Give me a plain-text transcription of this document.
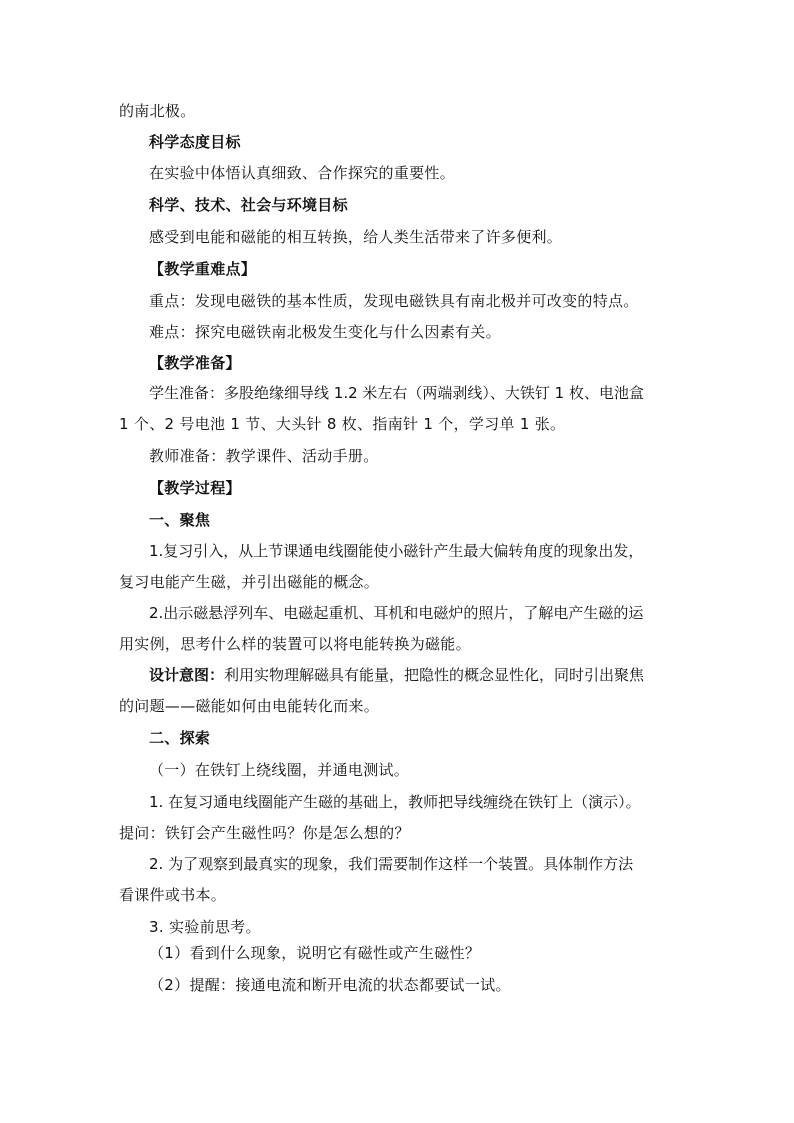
的南北极。
科学态度目标
在实验中体悟认真细致、合作探究的重要性。
科学、技术、社会与环境目标
感受到电能和磁能的相互转换，给人类生活带来了许多便利。
【教学重难点】
重点：发现电磁铁的基本性质，发现电磁铁具有南北极并可改变的特点。
难点：探究电磁铁南北极发生变化与什么因素有关。
【教学准备】
学生准备：多股绝缘细导线 1.2 米左右（两端剥线）、大铁钉 1 枚、电池盒
1 个、2 号电池 1 节、大头针 8 枚、指南针 1 个，学习单 1 张。
教师准备：教学课件、活动手册。
【教学过程】
一、聚焦
1.复习引入，从上节课通电线圈能使小磁针产生最大偏转角度的现象出发，
复习电能产生磁，并引出磁能的概念。
2.出示磁悬浮列车、电磁起重机、耳机和电磁炉的照片，了解电产生磁的运
用实例，思考什么样的装置可以将电能转换为磁能。
设计意图：利用实物理解磁具有能量，把隐性的概念显性化，同时引出聚焦
的问题——磁能如何由电能转化而来。
二、探索
（一）在铁钉上绕线圈，并通电测试。
1. 在复习通电线圈能产生磁的基础上，教师把导线缠绕在铁钉上（演示）。
提问：铁钉会产生磁性吗？你是怎么想的？
2. 为了观察到最真实的现象，我们需要制作这样一个装置。具体制作方法
看课件或书本。
3. 实验前思考。
（1）看到什么现象，说明它有磁性或产生磁性？
（2）提醒：接通电流和断开电流的状态都要试一试。
